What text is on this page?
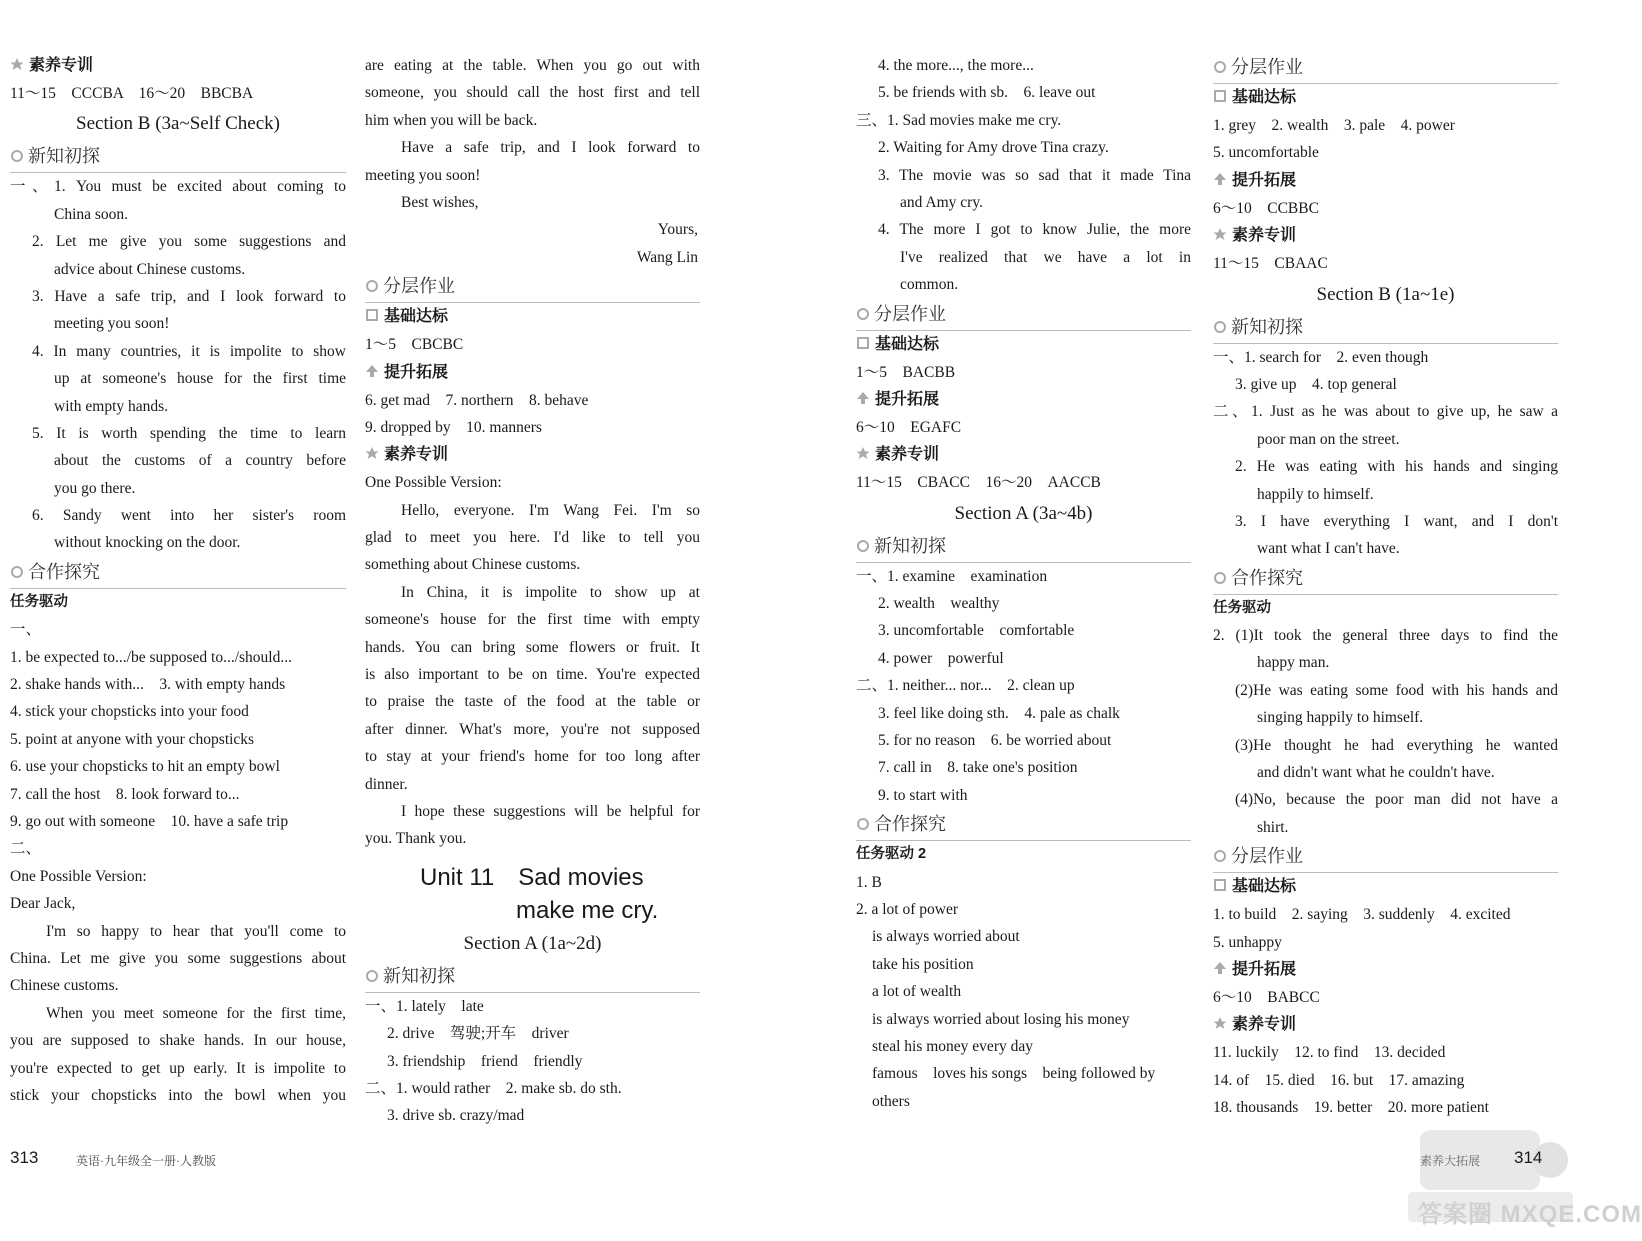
素养专训
11～15　CCCBA　16～20　BBCBA
Section B (3a~Self Check)
新知初探
一、1. You must be excited about coming to
China soon.
2. Let me give you some suggestions and
advice about Chinese customs.
3. Have a safe trip, and I look forward to
meeting you soon!
4. In many countries, it is impolite to show
up at someone's house for the first time
with empty hands.
5. It is worth spending the time to learn
about the customs of a country before
you go there.
6. Sandy went into her sister's room
without knocking on the door.
合作探究
任务驱动
一、
1. be expected to.../be supposed to.../should...
2. shake hands with...　3. with empty hands
4. stick your chopsticks into your food
5. point at anyone with your chopsticks
6. use your chopsticks to hit an empty bowl
7. call the host　8. look forward to...
9. go out with someone　10. have a safe trip
二、
One Possible Version:
Dear Jack,
I'm so happy to hear that you'll come to
China. Let me give you some suggestions about
Chinese customs.
When you meet someone for the first time,
you are supposed to shake hands. In our house,
you're expected to get up early. It is impolite to
stick your chopsticks into the bowl when you
are eating at the table. When you go out with
someone, you should call the host first and tell
him when you will be back.
Have a safe trip, and I look forward to
meeting you soon!
Best wishes,
Yours,
Wang Lin
分层作业
基础达标
1～5　CBCBC
提升拓展
6. get mad　7. northern　8. behave
9. dropped by　10. manners
素养专训
One Possible Version:
Hello, everyone. I'm Wang Fei. I'm so
glad to meet you here. I'd like to tell you
something about Chinese customs.
In China, it is impolite to show up at
someone's house for the first time with empty
hands. You can bring some flowers or fruit. It
is also important to be on time. You're expected
to praise the taste of the food at the table or
after dinner. What's more, you're not supposed
to stay at your friend's home for too long after
dinner.
I hope these suggestions will be helpful for
you. Thank you.
Unit 11　Sad movies
make me cry.
Section A (1a~2d)
新知初探
一、1. lately　late
2. drive　驾驶;开车　driver
3. friendship　friend　friendly
二、1. would rather　2. make sb. do sth.
3. drive sb. crazy/mad
4. the more..., the more...
5. be friends with sb.　6. leave out
三、1. Sad movies make me cry.
2. Waiting for Amy drove Tina crazy.
3. The movie was so sad that it made Tina
and Amy cry.
4. The more I got to know Julie, the more
I've realized that we have a lot in
common.
分层作业
基础达标
1～5　BACBB
提升拓展
6～10　EGAFC
素养专训
11～15　CBACC　16～20　AACCB
Section A (3a~4b)
新知初探
一、1. examine　examination
2. wealth　wealthy
3. uncomfortable　comfortable
4. power　powerful
二、1. neither... nor...　2. clean up
3. feel like doing sth.　4. pale as chalk
5. for no reason　6. be worried about
7. call in　8. take one's position
9. to start with
合作探究
任务驱动 2
1. B
2. a lot of power
is always worried about
take his position
a lot of wealth
is always worried about losing his money
steal his money every day
famous　loves his songs　being followed by
others
分层作业
基础达标
1. grey　2. wealth　3. pale　4. power
5. uncomfortable
提升拓展
6～10　CCBBC
素养专训
11～15　CBAAC
Section B (1a~1e)
新知初探
一、1. search for　2. even though
3. give up　4. top general
二、1. Just as he was about to give up, he saw a
poor man on the street.
2. He was eating with his hands and singing
happily to himself.
3. I have everything I want, and I don't
want what I can't have.
合作探究
任务驱动
2. (1)It took the general three days to find the
happy man.
(2)He was eating some food with his hands and
singing happily to himself.
(3)He thought he had everything he wanted
and didn't want what he couldn't have.
(4)No, because the poor man did not have a
shirt.
分层作业
基础达标
1. to build　2. saying　3. suddenly　4. excited
5. unhappy
提升拓展
6～10　BABCC
素养专训
11. luckily　12. to find　13. decided
14. of　15. died　16. but　17. amazing
18. thousands　19. better　20. more patient
313	英语·九年级全一册·人教版
答案圈 MXQE.COM
素养大拓展 314
